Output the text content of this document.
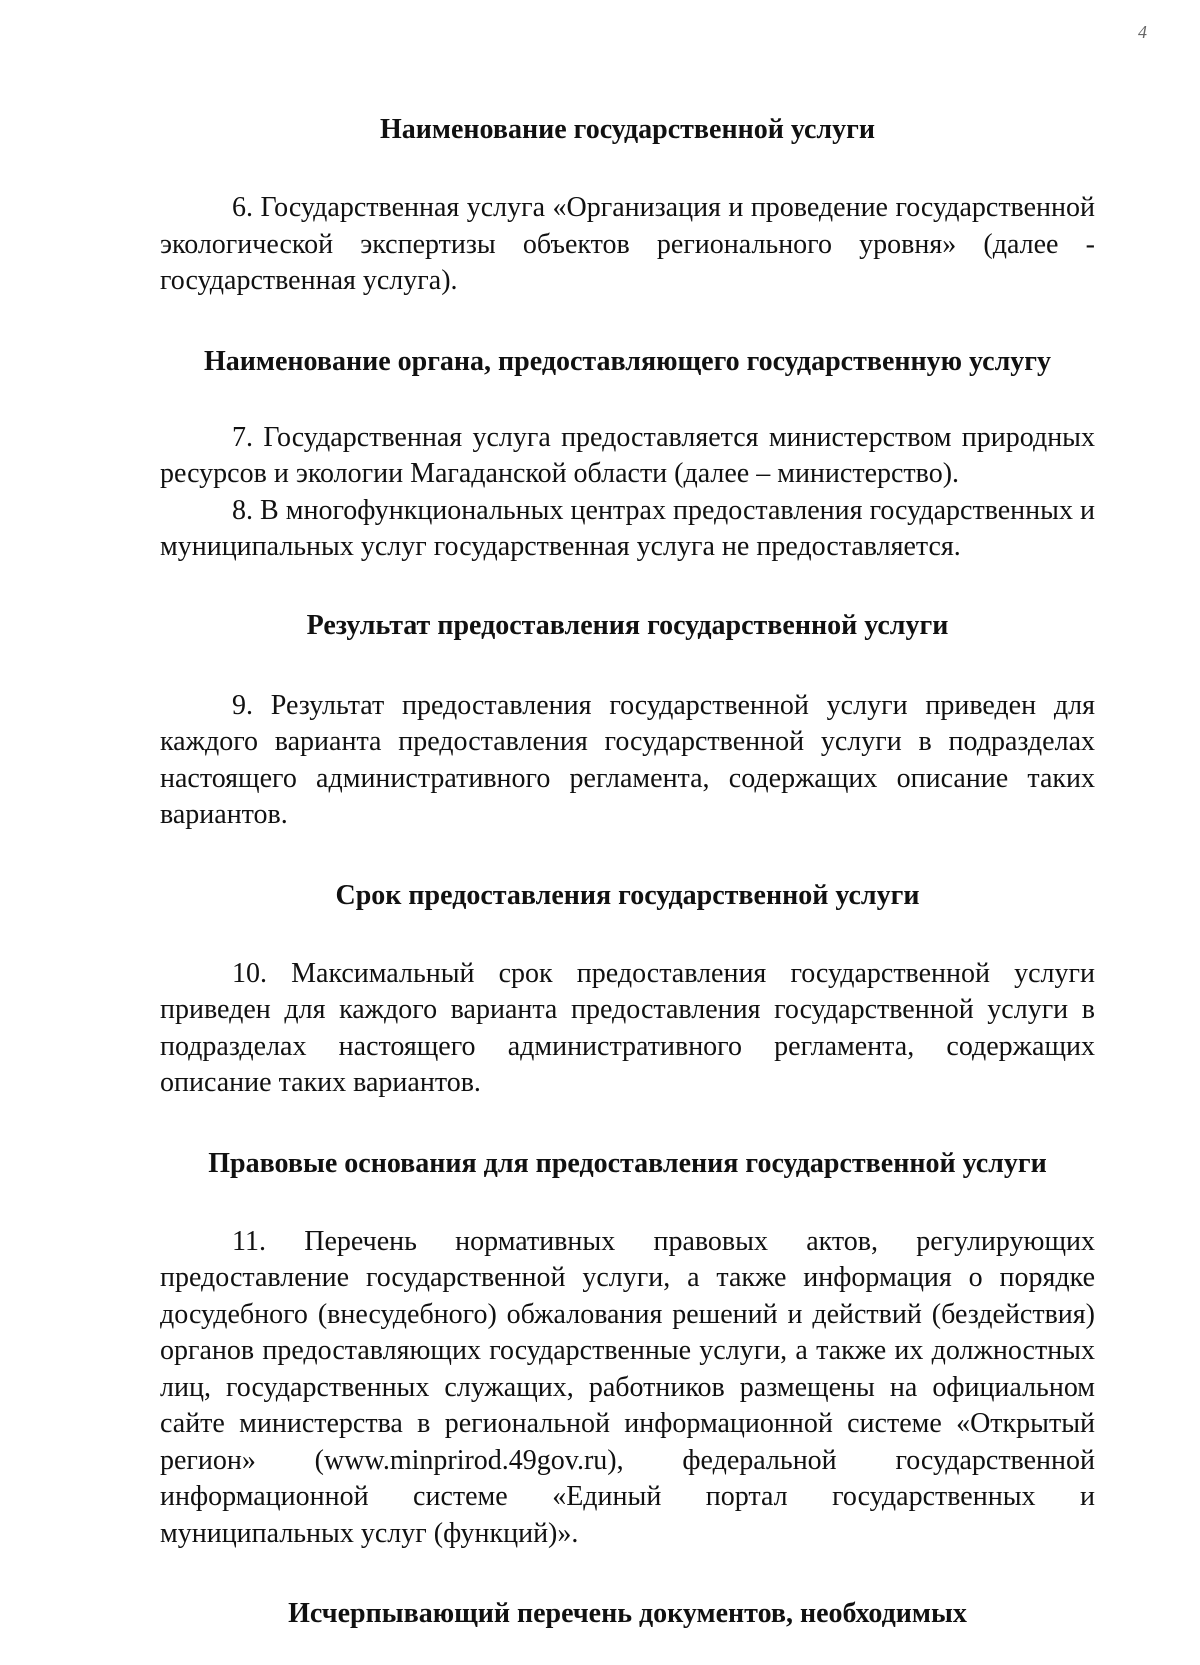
4
Наименование государственной услуги

6. Государственная услуга «Организация и проведение государственной экологической экспертизы объектов регионального уровня» (далее - государственная услуга).

Наименование органа, предоставляющего государственную услугу

7. Государственная услуга предоставляется министерством природных ресурсов и экологии Магаданской области (далее – министерство).

8. В многофункциональных центрах предоставления государственных и муниципальных услуг государственная услуга не предоставляется.

Результат предоставления государственной услуги

9. Результат предоставления государственной услуги приведен для каждого варианта предоставления государственной услуги в подразделах настоящего административного регламента, содержащих описание таких вариантов.

Срок предоставления государственной услуги

10. Максимальный срок предоставления государственной услуги приведен для каждого варианта предоставления государственной услуги в подразделах настоящего административного регламента, содержащих описание таких вариантов.

Правовые основания для предоставления государственной услуги

11. Перечень нормативных правовых актов, регулирующих предоставление государственной услуги, а также информация о порядке досудебного (внесудебного) обжалования решений и действий (бездействия) органов предоставляющих государственные услуги, а также их должностных лиц, государственных служащих, работников размещены на официальном сайте министерства в региональной информационной системе «Открытый регион» (www.minprirod.49gov.ru), федеральной государственной информационной системе «Единый портал государственных и муниципальных услуг (функций)».

Исчерпывающий перечень документов, необходимых
